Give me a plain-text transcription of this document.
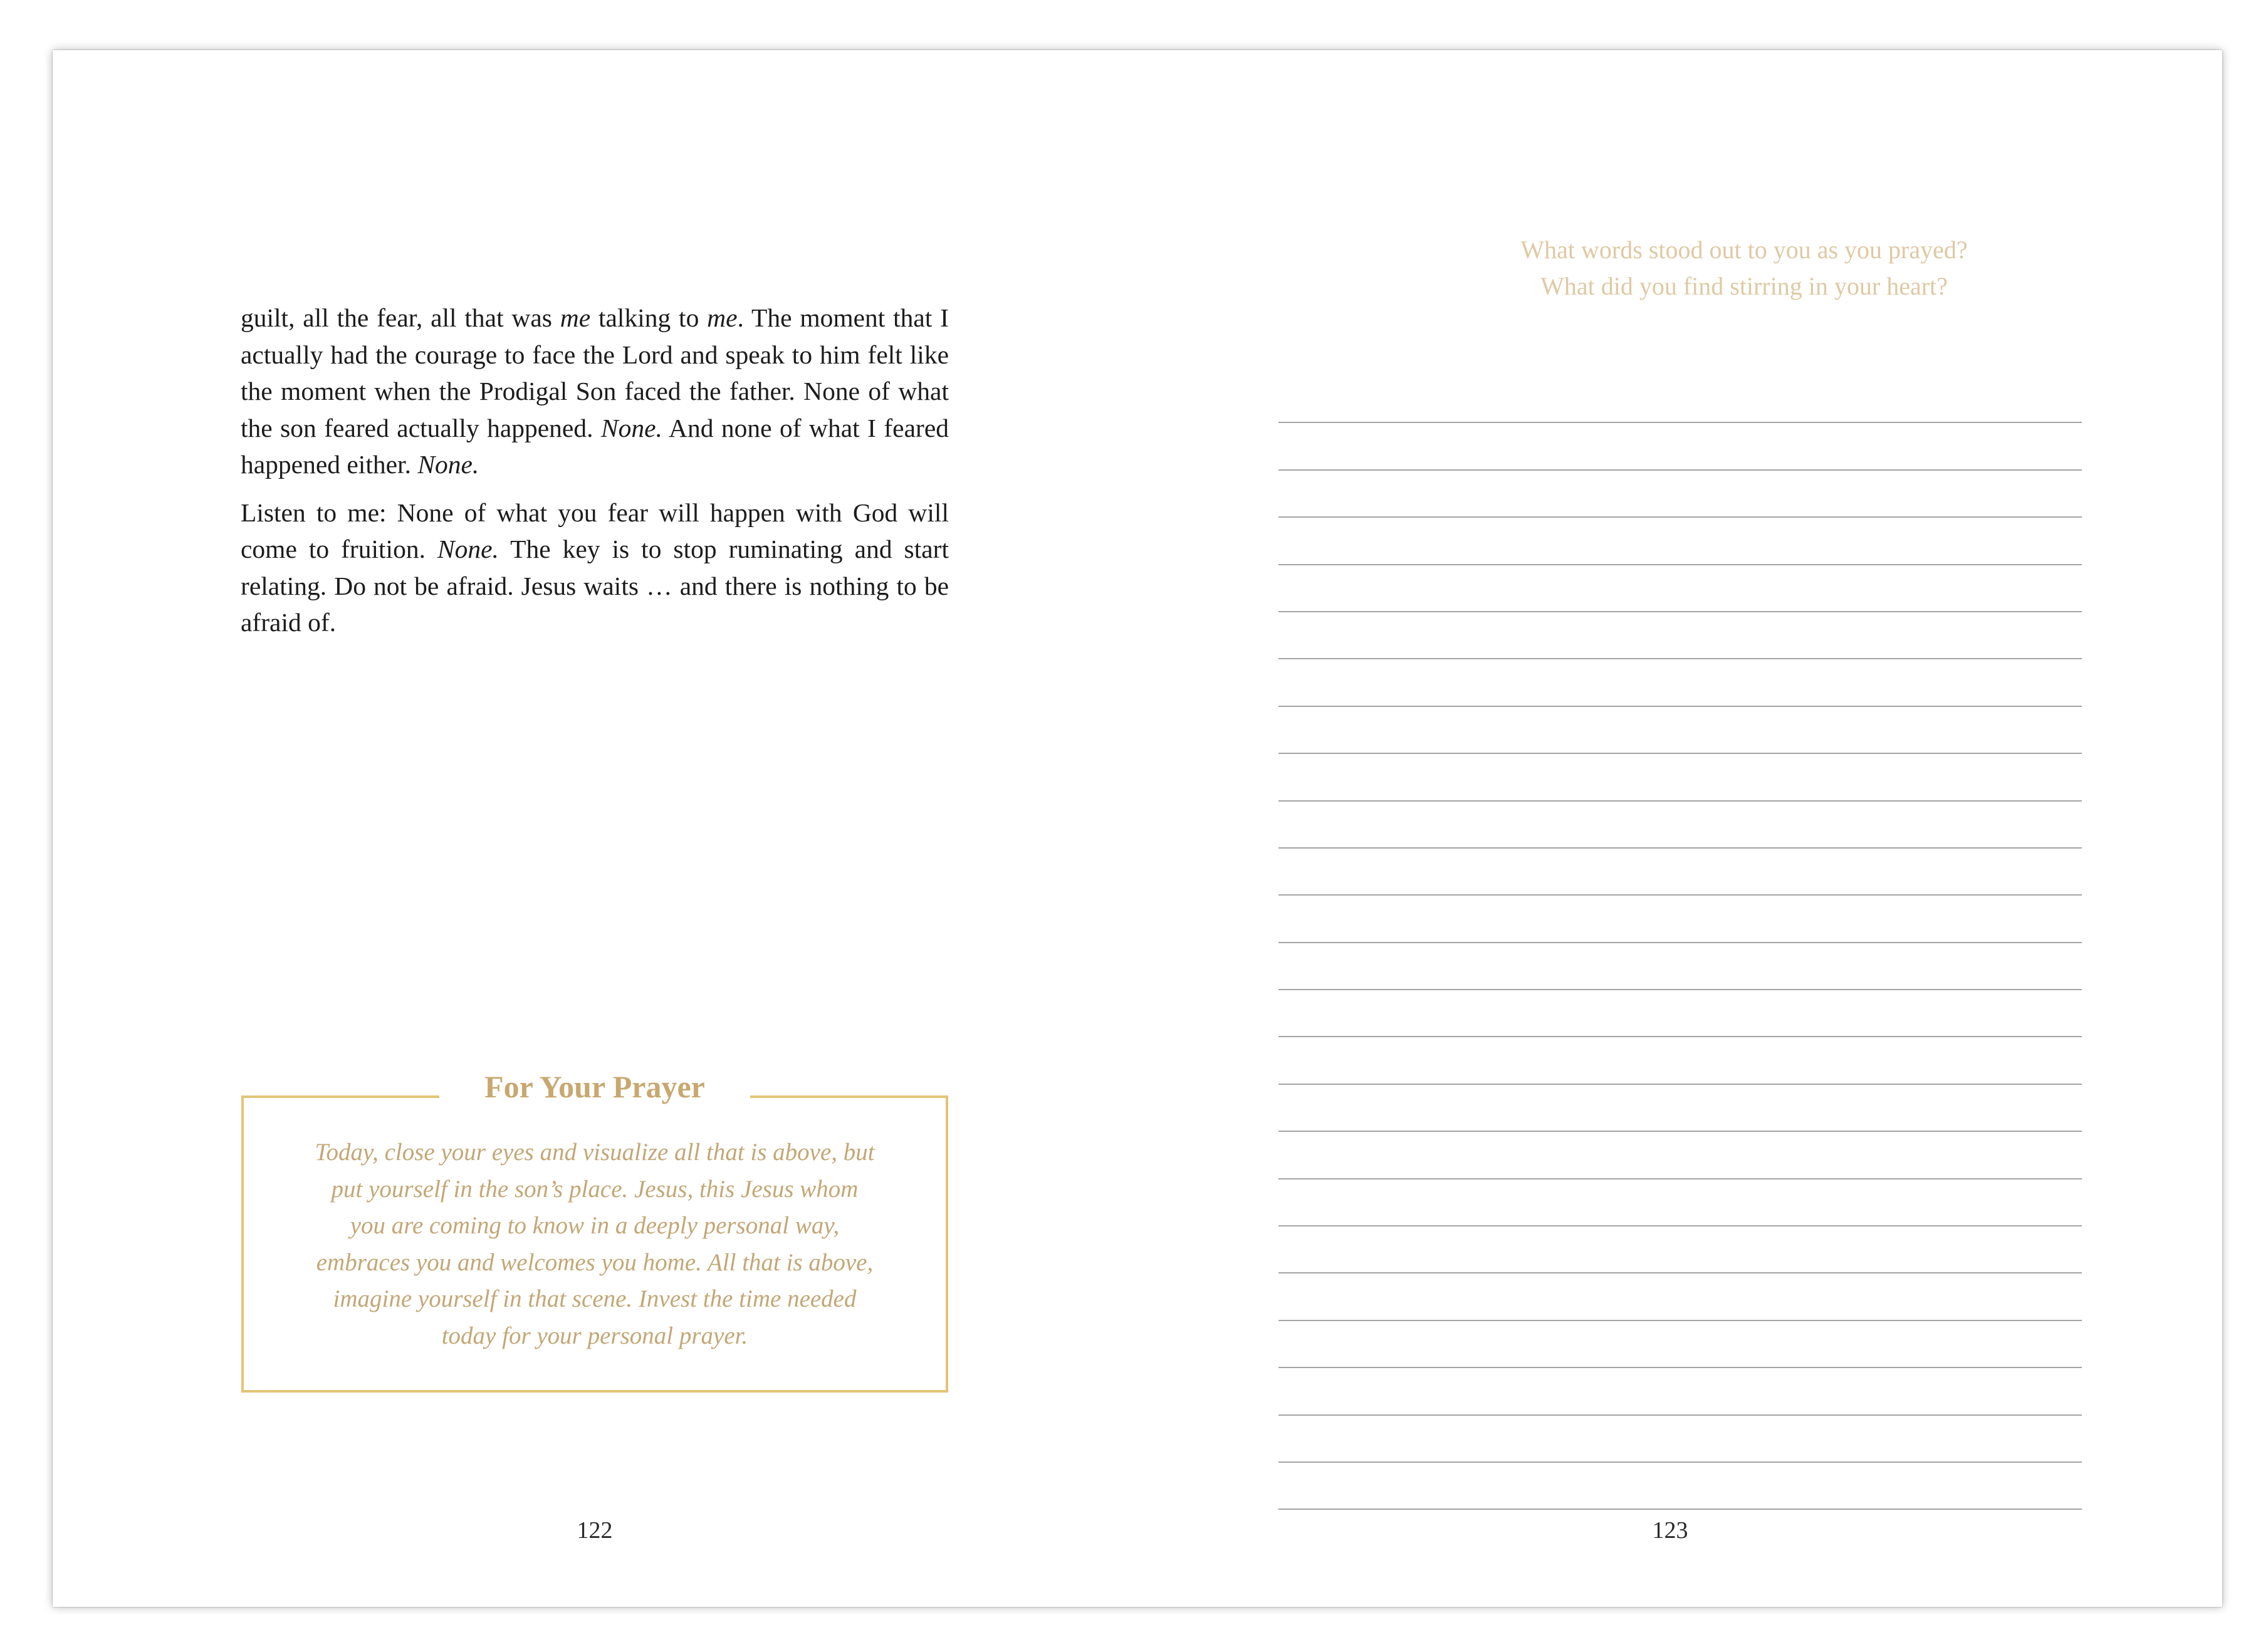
guilt, all the fear, all that was me talking to me. The moment that I actually had the courage to face the Lord and speak to him felt like the moment when the Prodigal Son faced the father. None of what the son feared actually happened. None. And none of what I feared happened either. None.

Listen to me: None of what you fear will happen with God will come to fruition. None. The key is to stop ruminating and start relating. Do not be afraid. Jesus waits … and there is nothing to be afraid of.

For Your Prayer
Today, close your eyes and visualize all that is above, but put yourself in the son’s place. Jesus, this Jesus whom you are coming to know in a deeply personal way, embraces you and welcomes you home. All that is above, imagine yourself in that scene. Invest the time needed today for your personal prayer.
122	123
What words stood out to you as you prayed?
What did you find stirring in your heart?
